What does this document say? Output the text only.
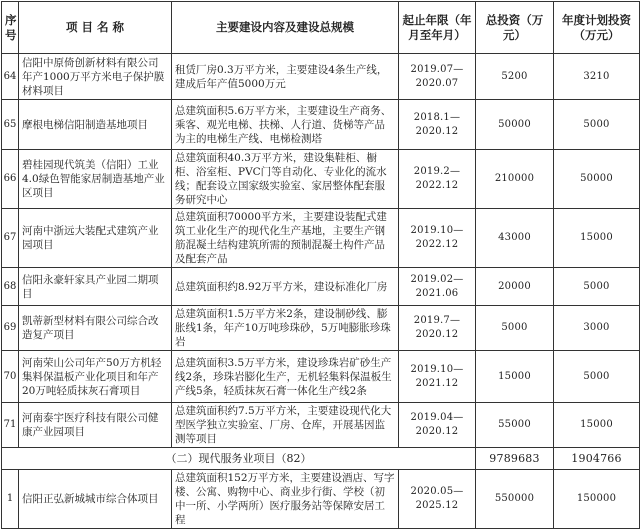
序号	项 目 名 称	主要建设内容及建设总规模	起止年限（年月至年月）	总投资（万元）	年度计划投资（万元）
64	信阳中原倚创新材料有限公司年产1000万平方米电子保护膜材料项目	租赁厂房0.3万平方米，主要建设4条生产线，建成后年产值5000万元	2019.07—2020.07	5200	3210
65	摩根电梯信阳制造基地项目	总建筑面积5.6万平方米，主要建设生产商务、乘客、观光电梯、扶梯、人行道、货梯等产品为主的电梯生产线、电梯检测塔	2018.1—2020.12	50000	5000
66	碧桂园现代筑美（信阳）工业4.0绿色智能家居制造基地产业区项目	总建筑面积40.3万平方米，建设集鞋柜、橱柜、浴室柜、PVC门等自动化、专业化的流水线；配套设立国家级实验室、家居整体配套服务研究中心	2019.2—2022.12	210000	50000
67	河南中浙远大装配式建筑产业园项目	总建筑面积70000平方米，主要建设装配式建筑工业化生产的现代化生产基地，主要生产钢筋混凝土结构建筑所需的预制混凝土构件产品及配套产品	2019.10—2022.12	43000	15000
68	信阳永豪轩家具产业园二期项目	总建筑面积约8.92万平方米，建设标准化厂房	2019.02—2021.06	20000	5000
69	凯蒂新型材料有限公司综合改造复产项目	总建筑面积1.5万平方米2条，建设制砂线、膨胀线1条，年产10万吨珍珠砂，5万吨膨胀珍珠岩	2019.7—2020.12	5000	3000
70	河南荣山公司年产50万方机轻集料保温板产业化项目和年产20万吨轻质抹灰石膏项目	总建筑面积3.5万平方米，建设珍珠岩矿砂生产线2条，珍珠岩膨化生产，无机轻集料保温板生产线5条，轻质抹灰石膏一体化生产线2条	2019.10—2021.12	15000	5000
71	河南泰宇医疗科技有限公司健康产业园项目	总建筑面积约7.5万平方米，主要建设现代化大型医学独立实验室、厂房、仓库，开展基因监测等项目	2019.04—2020.12	55000	15000
（二）现代服务业项目（82）				9789683	1904766
1	信阳正弘新城城市综合体项目	总建筑面积152万平方米，主要建设酒店、写字楼、公寓、购物中心、商业步行街、学校（初中一所、小学两所）医疗服务站等保障安居工程	2020.05—2025.12	550000	150000
